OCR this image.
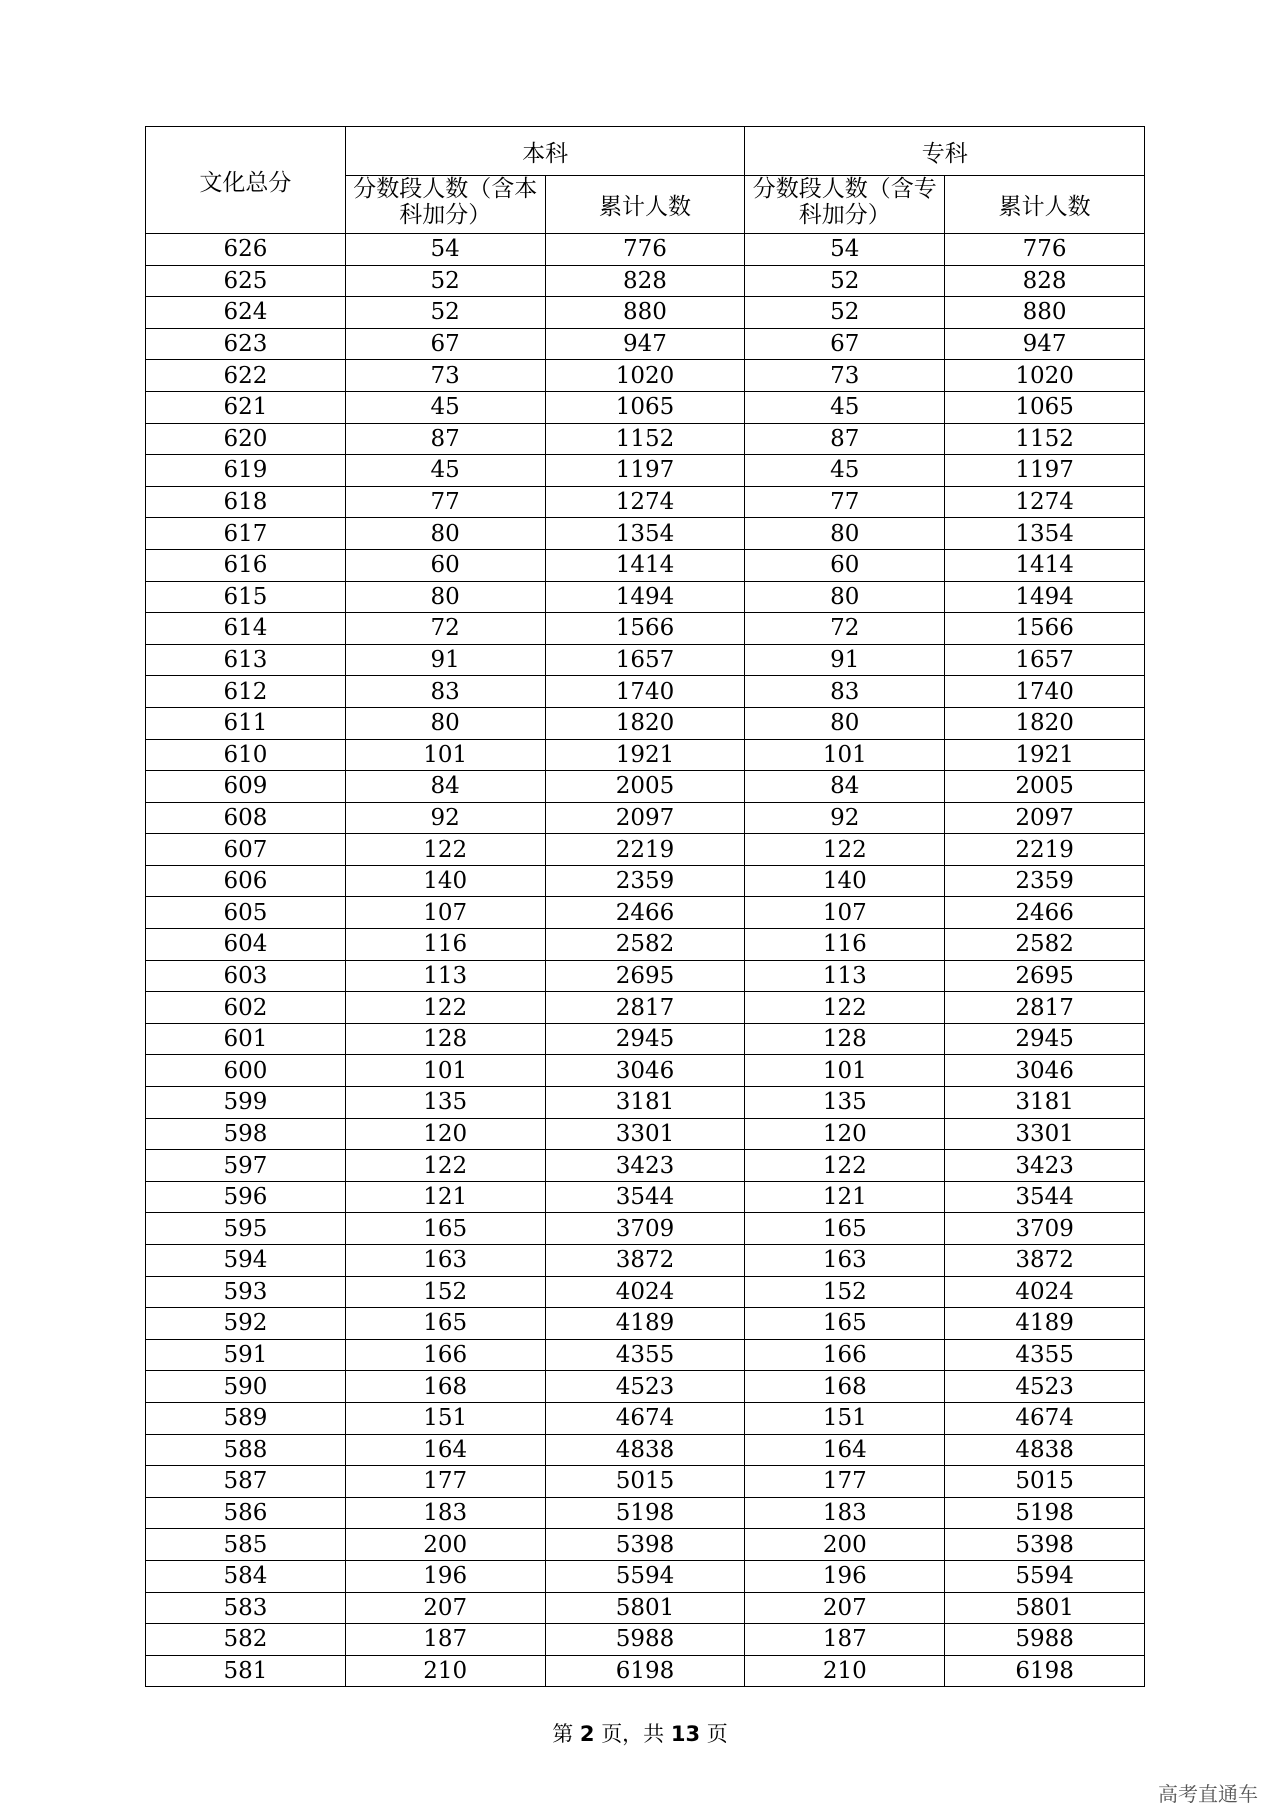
文化总分	本科		专科	
	分数段人数（含本科加分）	累计人数	分数段人数（含专科加分）	累计人数
626	54	776	54	776
625	52	828	52	828
624	52	880	52	880
623	67	947	67	947
622	73	1020	73	1020
621	45	1065	45	1065
620	87	1152	87	1152
619	45	1197	45	1197
618	77	1274	77	1274
617	80	1354	80	1354
616	60	1414	60	1414
615	80	1494	80	1494
614	72	1566	72	1566
613	91	1657	91	1657
612	83	1740	83	1740
611	80	1820	80	1820
610	101	1921	101	1921
609	84	2005	84	2005
608	92	2097	92	2097
607	122	2219	122	2219
606	140	2359	140	2359
605	107	2466	107	2466
604	116	2582	116	2582
603	113	2695	113	2695
602	122	2817	122	2817
601	128	2945	128	2945
600	101	3046	101	3046
599	135	3181	135	3181
598	120	3301	120	3301
597	122	3423	122	3423
596	121	3544	121	3544
595	165	3709	165	3709
594	163	3872	163	3872
593	152	4024	152	4024
592	165	4189	165	4189
591	166	4355	166	4355
590	168	4523	168	4523
589	151	4674	151	4674
588	164	4838	164	4838
587	177	5015	177	5015
586	183	5198	183	5198
585	200	5398	200	5398
584	196	5594	196	5594
583	207	5801	207	5801
582	187	5988	187	5988
581	210	6198	210	6198
第 2 页，共 13 页
高考直通车
